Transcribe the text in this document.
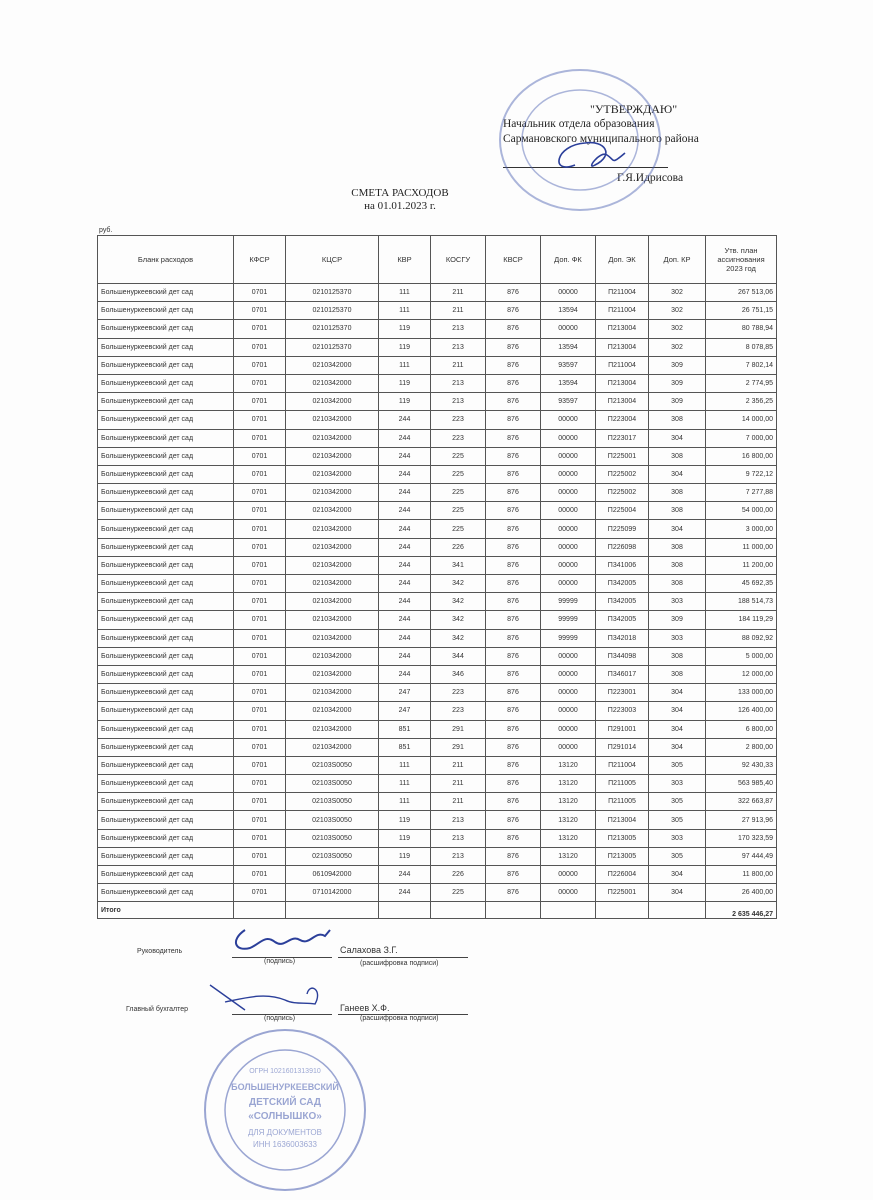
"УТВЕРЖДАЮ"
Начальник отдела образования
Сармановского муниципального района
Г.Я.Идрисова
СМЕТА РАСХОДОВ
на 01.01.2023 г.
руб.
Бланк расходов	КФСР	КЦСР	КВР	КОСГУ	КВСР	Доп. ФК	Доп. ЭК	Доп. КР	Утв. план ассигнования 2023 год
Большенуркеевский дет сад	0701	0210125370	111	211	876	00000	П211004	302	267 513,06
Большенуркеевский дет сад	0701	0210125370	111	211	876	13594	П211004	302	26 751,15
Большенуркеевский дет сад	0701	0210125370	119	213	876	00000	П213004	302	80 788,94
Большенуркеевский дет сад	0701	0210125370	119	213	876	13594	П213004	302	8 078,85
Большенуркеевский дет сад	0701	0210342000	111	211	876	93597	П211004	309	7 802,14
Большенуркеевский дет сад	0701	0210342000	119	213	876	13594	П213004	309	2 774,95
Большенуркеевский дет сад	0701	0210342000	119	213	876	93597	П213004	309	2 356,25
Большенуркеевский дет сад	0701	0210342000	244	223	876	00000	П223004	308	14 000,00
Большенуркеевский дет сад	0701	0210342000	244	223	876	00000	П223017	304	7 000,00
Большенуркеевский дет сад	0701	0210342000	244	225	876	00000	П225001	308	16 800,00
Большенуркеевский дет сад	0701	0210342000	244	225	876	00000	П225002	304	9 722,12
Большенуркеевский дет сад	0701	0210342000	244	225	876	00000	П225002	308	7 277,88
Большенуркеевский дет сад	0701	0210342000	244	225	876	00000	П225004	308	54 000,00
Большенуркеевский дет сад	0701	0210342000	244	225	876	00000	П225099	304	3 000,00
Большенуркеевский дет сад	0701	0210342000	244	226	876	00000	П226098	308	11 000,00
Большенуркеевский дет сад	0701	0210342000	244	341	876	00000	П341006	308	11 200,00
Большенуркеевский дет сад	0701	0210342000	244	342	876	00000	П342005	308	45 692,35
Большенуркеевский дет сад	0701	0210342000	244	342	876	99999	П342005	303	188 514,73
Большенуркеевский дет сад	0701	0210342000	244	342	876	99999	П342005	309	184 119,29
Большенуркеевский дет сад	0701	0210342000	244	342	876	99999	П342018	303	88 092,92
Большенуркеевский дет сад	0701	0210342000	244	344	876	00000	П344098	308	5 000,00
Большенуркеевский дет сад	0701	0210342000	244	346	876	00000	П346017	308	12 000,00
Большенуркеевский дет сад	0701	0210342000	247	223	876	00000	П223001	304	133 000,00
Большенуркеевский дет сад	0701	0210342000	247	223	876	00000	П223003	304	126 400,00
Большенуркеевский дет сад	0701	0210342000	851	291	876	00000	П291001	304	6 800,00
Большенуркеевский дет сад	0701	0210342000	851	291	876	00000	П291014	304	2 800,00
Большенуркеевский дет сад	0701	02103S0050	111	211	876	13120	П211004	305	92 430,33
Большенуркеевский дет сад	0701	02103S0050	111	211	876	13120	П211005	303	563 985,40
Большенуркеевский дет сад	0701	02103S0050	111	211	876	13120	П211005	305	322 663,87
Большенуркеевский дет сад	0701	02103S0050	119	213	876	13120	П213004	305	27 913,96
Большенуркеевский дет сад	0701	02103S0050	119	213	876	13120	П213005	303	170 323,59
Большенуркеевский дет сад	0701	02103S0050	119	213	876	13120	П213005	305	97 444,49
Большенуркеевский дет сад	0701	0610942000	244	226	876	00000	П226004	304	11 800,00
Большенуркеевский дет сад	0701	0710142000	244	225	876	00000	П225001	304	26 400,00
Итого									2 635 446,27
Руководитель
(подпись)
Салахова З.Г.
(расшифровка подписи)
Главный бухгалтер
(подпись)
Ганеев Х.Ф.
(расшифровка подписи)
БОЛЬШЕНУРКЕЕВСКИЙ
ДЕТСКИЙ САД
«СОЛНЫШКО»
ДЛЯ ДОКУМЕНТОВ
ИНН 1636003633
ОГРН 1021601313910
